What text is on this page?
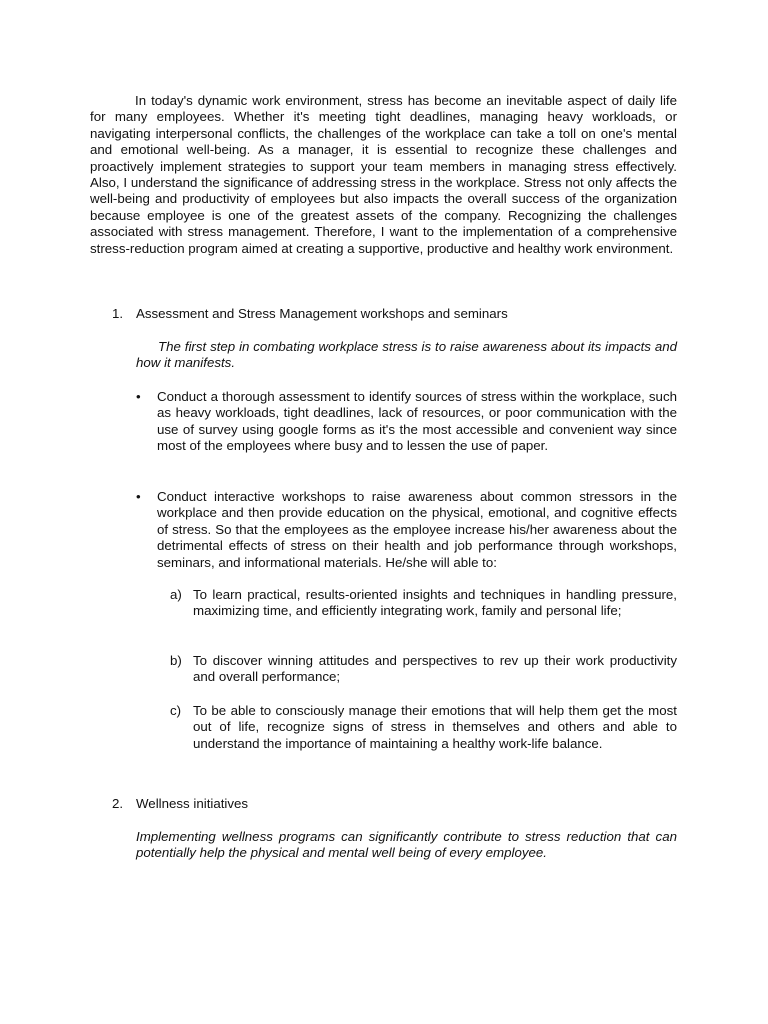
In today's dynamic work environment, stress has become an inevitable aspect of daily life for many employees. Whether it's meeting tight deadlines, managing heavy workloads, or navigating interpersonal conflicts, the challenges of the workplace can take a toll on one's mental and emotional well-being. As a manager, it is essential to recognize these challenges and proactively implement strategies to support your team members in managing stress effectively. Also, I understand the significance of addressing stress in the workplace. Stress not only affects the well-being and productivity of employees but also impacts the overall success of the organization because employee is one of the greatest assets of the company. Recognizing the challenges associated with stress management. Therefore, I want to the implementation of a comprehensive stress-reduction program aimed at creating a supportive, productive and healthy work environment.

1. Assessment and Stress Management workshops and seminars

The first step in combating workplace stress is to raise awareness about its impacts and how it manifests.

•	Conduct a thorough assessment to identify sources of stress within the workplace, such as heavy workloads, tight deadlines, lack of resources, or poor communication with the use of survey using google forms as it's the most accessible and convenient way since most of the employees where busy and to lessen the use of paper.

•	Conduct interactive workshops to raise awareness about common stressors in the workplace and then provide education on the physical, emotional, and cognitive effects of stress. So that the employees as the employee increase his/her awareness about the detrimental effects of stress on their health and job performance through workshops, seminars, and informational materials. He/she will able to:

a) To learn practical, results-oriented insights and techniques in handling pressure, maximizing time, and efficiently integrating work, family and personal life;

b) To discover winning attitudes and perspectives to rev up their work productivity and overall performance;

c) To be able to consciously manage their emotions that will help them get the most out of life, recognize signs of stress in themselves and others and able to understand the importance of maintaining a healthy work-life balance.

2. Wellness initiatives

Implementing wellness programs can significantly contribute to stress reduction that can potentially help the physical and mental well being of every employee.
